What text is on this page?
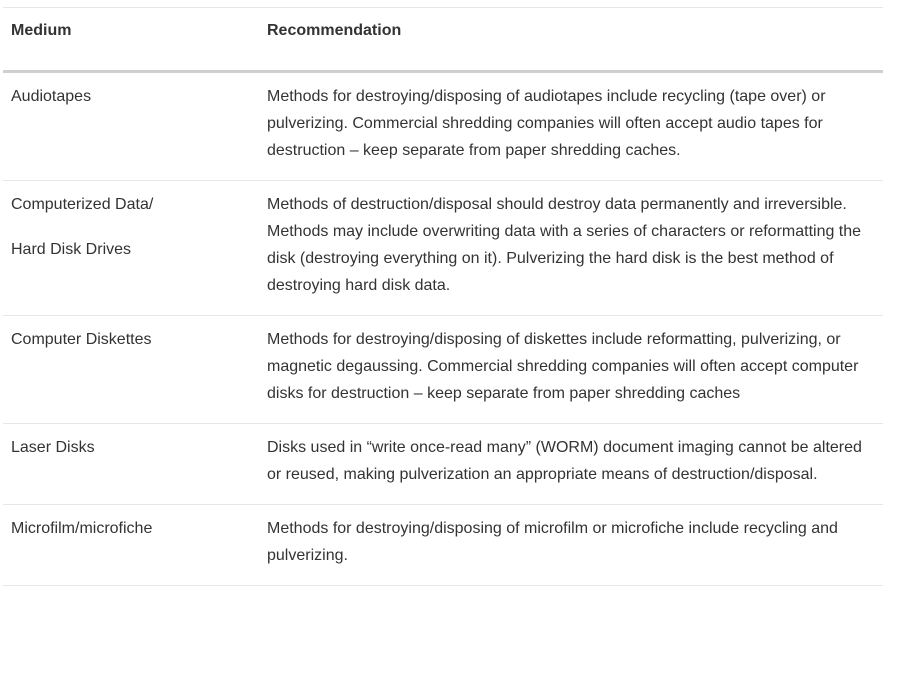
Medium	Recommendation
Audiotapes	Methods for destroying/disposing of audiotapes include recycling (tape over) or pulverizing. Commercial shredding companies will often accept audio tapes for destruction – keep separate from paper shredding caches.

Computerized Data/
Hard Disk Drives	Methods of destruction/disposal should destroy data permanently and irreversible. Methods may include overwriting data with a series of characters or reformatting the disk (destroying everything on it). Pulverizing the hard disk is the best method of destroying hard disk data.
Computer Diskettes	Methods for destroying/disposing of diskettes include reformatting, pulverizing, or magnetic degaussing. Commercial shredding companies will often accept computer disks for destruction – keep separate from paper shredding caches
Laser Disks	Disks used in “write once-read many” (WORM) document imaging cannot be altered or reused, making pulverization an appropriate means of destruction/disposal.
Microfilm/microfiche	Methods for destroying/disposing of microfilm or microfiche include recycling and pulverizing.
